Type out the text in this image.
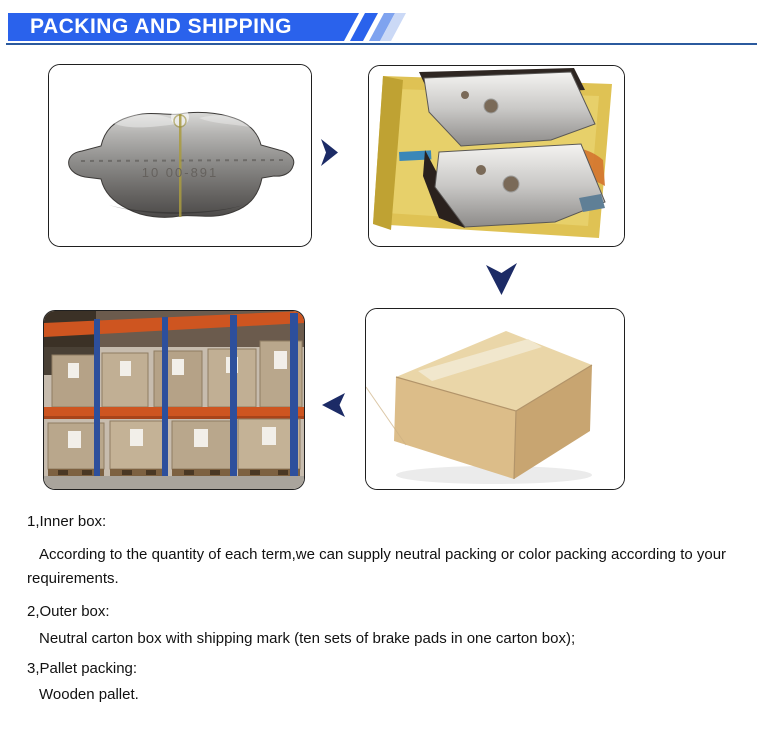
PACKING AND SHIPPING
10 00-891
1,Inner box:
According to the quantity of each term,we can supply neutral packing or color packing according to your
requirements.
2,Outer box:
Neutral carton box with shipping mark (ten sets of brake pads in one carton box);
3,Pallet packing:
Wooden pallet.
